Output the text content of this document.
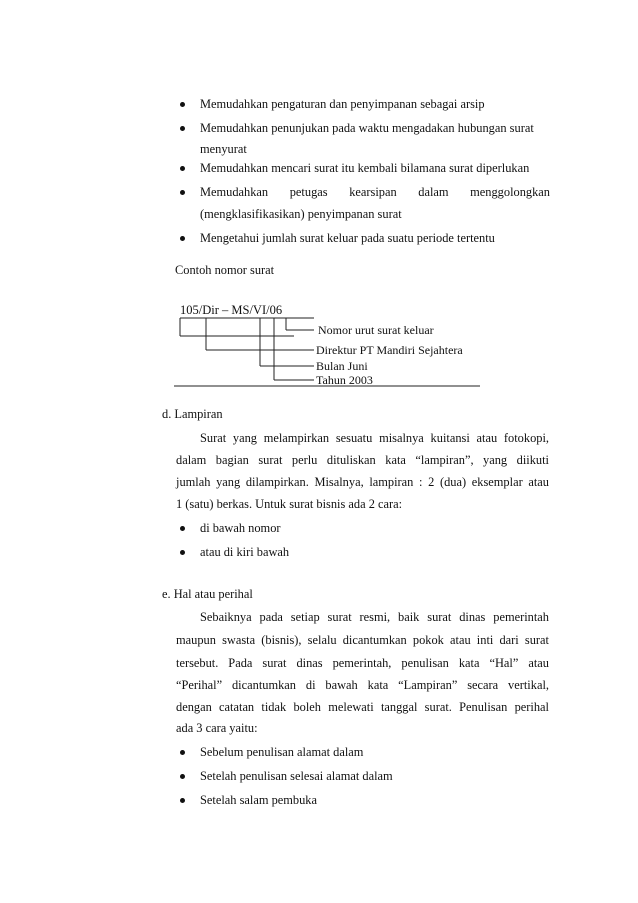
Memudahkan pengaturan dan penyimpanan sebagai arsip
Memudahkan penunjukan pada waktu mengadakan hubungan surat
menyurat
Memudahkan mencari surat itu kembali bilamana surat diperlukan
Memudahkan petugas kearsipan dalam menggolongkan
(mengklasifikasikan) penyimpanan surat
Mengetahui jumlah surat keluar pada suatu periode tertentu
Contoh nomor surat
105/Dir – MS/VI/06
Nomor urut surat keluar
Direktur PT Mandiri Sejahtera
Bulan Juni
Tahun 2003
d. Lampiran
Surat yang melampirkan sesuatu misalnya kuitansi atau fotokopi,
dalam bagian surat perlu dituliskan kata “lampiran”, yang diikuti
jumlah yang dilampirkan. Misalnya, lampiran : 2 (dua) eksemplar atau
1 (satu) berkas. Untuk surat bisnis ada 2 cara:
di bawah nomor
atau di kiri bawah
e. Hal atau perihal
Sebaiknya pada setiap surat resmi, baik surat dinas pemerintah
maupun swasta (bisnis), selalu dicantumkan pokok atau inti dari surat
tersebut. Pada surat dinas pemerintah, penulisan kata “Hal” atau
“Perihal” dicantumkan di bawah kata “Lampiran” secara vertikal,
dengan catatan tidak boleh melewati tanggal surat. Penulisan perihal
ada 3 cara yaitu:
Sebelum penulisan alamat dalam
Setelah penulisan selesai alamat dalam
Setelah salam pembuka
